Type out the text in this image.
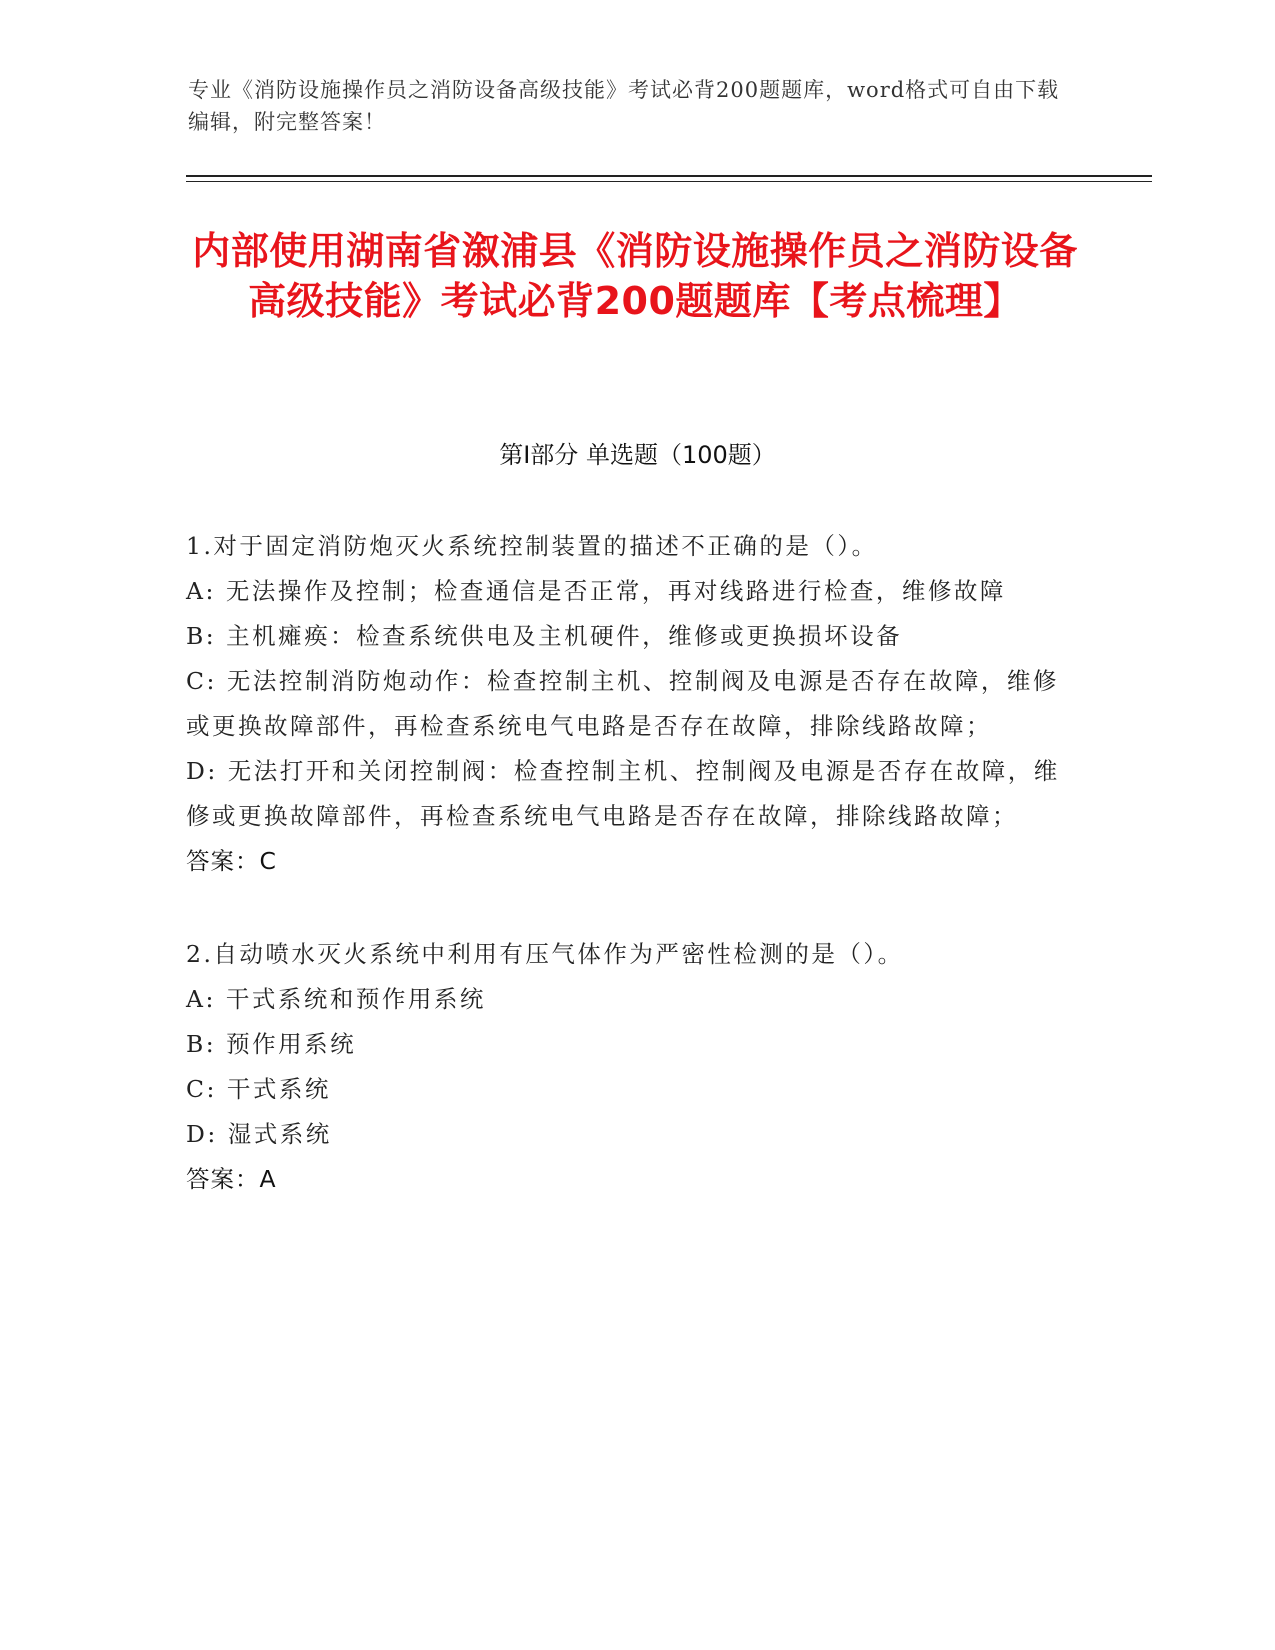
专业《消防设施操作员之消防设备高级技能》考试必背200题题库，word格式可自由下载编辑，附完整答案！
内部使用湖南省溆浦县《消防设施操作员之消防设备高级技能》考试必背200题题库【考点梳理】
第Ⅰ部分 单选题（100题）

1.对于固定消防炮灭火系统控制装置的描述不正确的是（）。

A: 无法操作及控制；检查通信是否正常，再对线路进行检查，维修故障

B: 主机瘫痪：检查系统供电及主机硬件，维修或更换损坏设备

C: 无法控制消防炮动作：检查控制主机、控制阀及电源是否存在故障，维修或更换故障部件，再检查系统电气电路是否存在故障，排除线路故障；

D: 无法打开和关闭控制阀：检查控制主机、控制阀及电源是否存在故障，维修或更换故障部件，再检查系统电气电路是否存在故障，排除线路故障；

答案：C

2.自动喷水灭火系统中利用有压气体作为严密性检测的是（）。

A: 干式系统和预作用系统

B: 预作用系统

C: 干式系统

D: 湿式系统

答案：A
